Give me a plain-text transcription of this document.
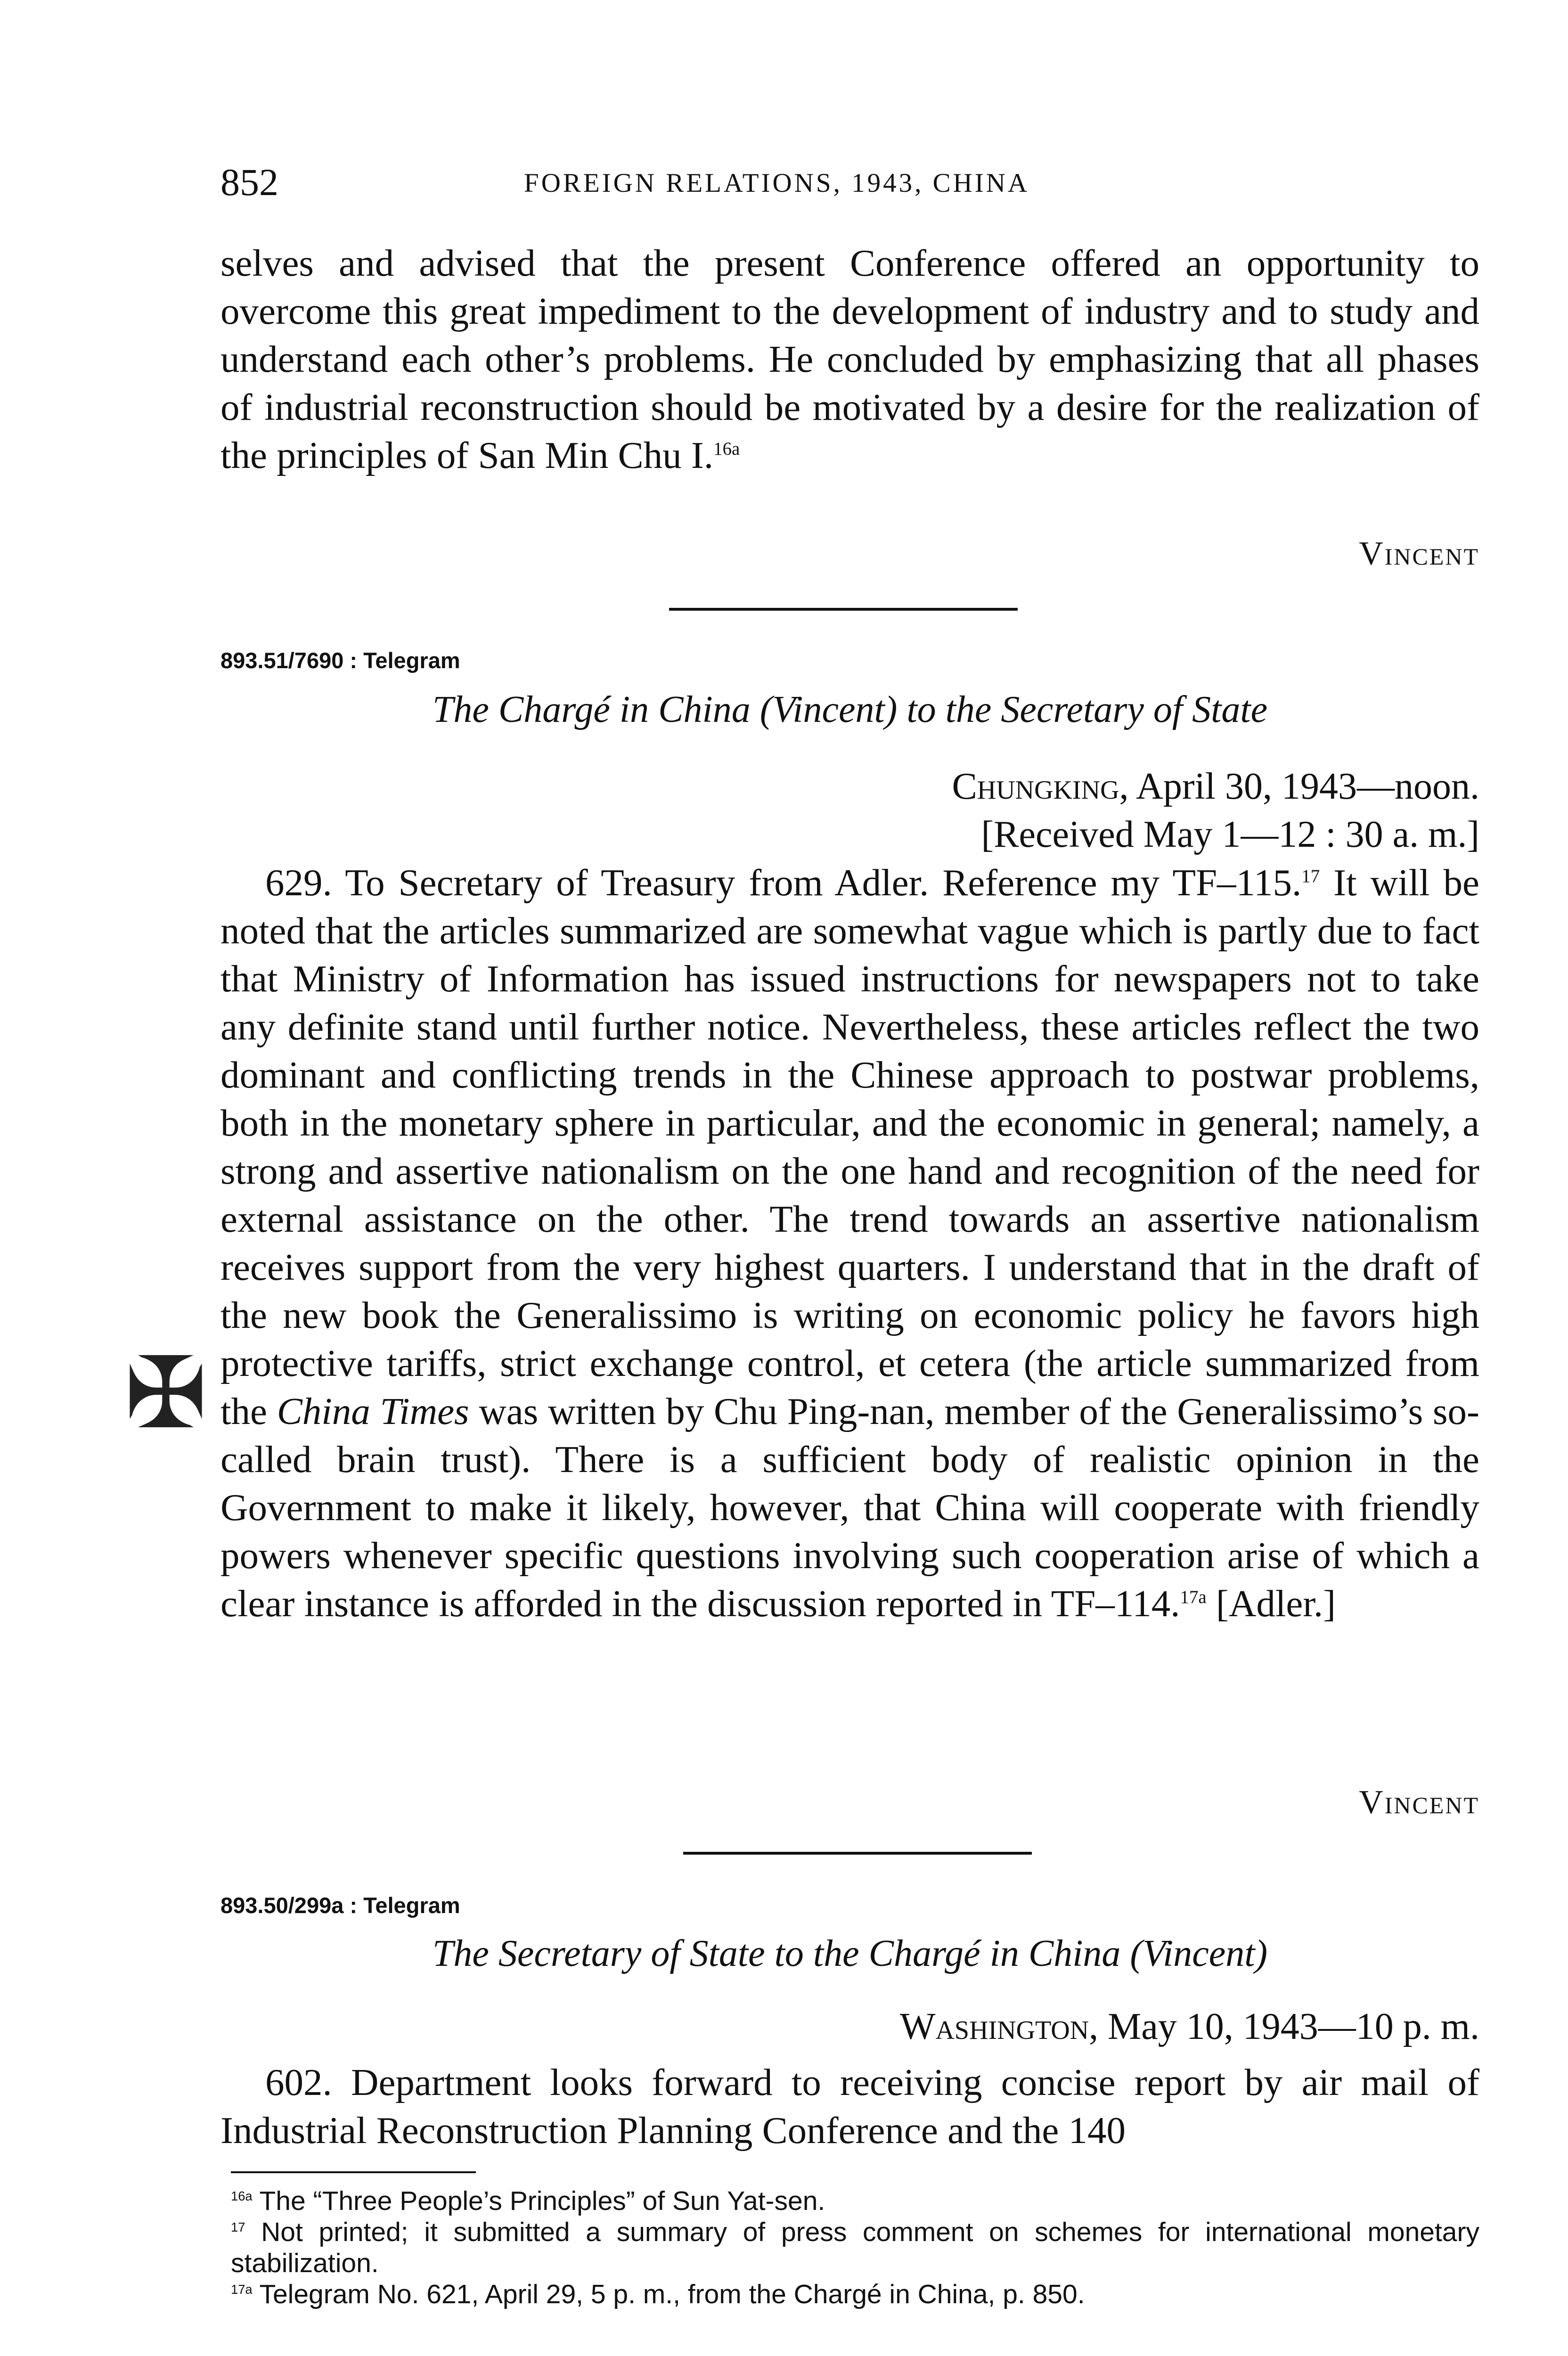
852	FOREIGN RELATIONS, 1943, CHINA

selves and advised that the present Conference offered an opportunity to overcome this great impediment to the development of industry and to study and understand each other’s problems. He concluded by emphasizing that all phases of industrial reconstruction should be motivated by a desire for the realization of the principles of San Min Chu I.$^{16a}$

Vincent
893.51/7690 : Telegram
The Chargé in China (Vincent) to the Secretary of State
Chungking, April 30, 1943—noon.
[Received May 1—12 : 30 a. m.]

629. To Secretary of Treasury from Adler. Reference my TF–115.17 It will be noted that the articles summarized are somewhat vague which is partly due to fact that Ministry of Information has issued instructions for newspapers not to take any definite stand until further notice. Nevertheless, these articles reflect the two dominant and conflicting trends in the Chinese approach to postwar problems, both in the monetary sphere in particular, and the economic in general; namely, a strong and assertive nationalism on the one hand and recognition of the need for external assistance on the other. The trend towards an assertive nationalism receives support from the very highest quarters. I understand that in the draft of the new book the Generalissimo is writing on economic policy he favors high protective tariffs, strict exchange control, et cetera (the article summarized from the China Times was written by Chu Ping-nan, member of the Generalissimo’s so-called brain trust). There is a sufficient body of realistic opinion in the Government to make it likely, however, that China will cooperate with friendly powers whenever specific questions involving such cooperation arise of which a clear instance is afforded in the discussion reported in TF–114.$^{17a}$ [Adler.]

✠
Vincent
893.50/299a : Telegram
The Secretary of State to the Chargé in China (Vincent)
Washington, May 10, 1943—10 p. m.

602. Department looks forward to receiving concise report by air mail of Industrial Reconstruction Planning Conference and the 140

$^{16a}$ The “Three People’s Principles” of Sun Yat-sen.

$^{17}$ Not printed; it submitted a summary of press comment on schemes for international monetary stabilization.

$^{17a}$ Telegram No. 621, April 29, 5 p. m., from the Chargé in China, p. 850.
